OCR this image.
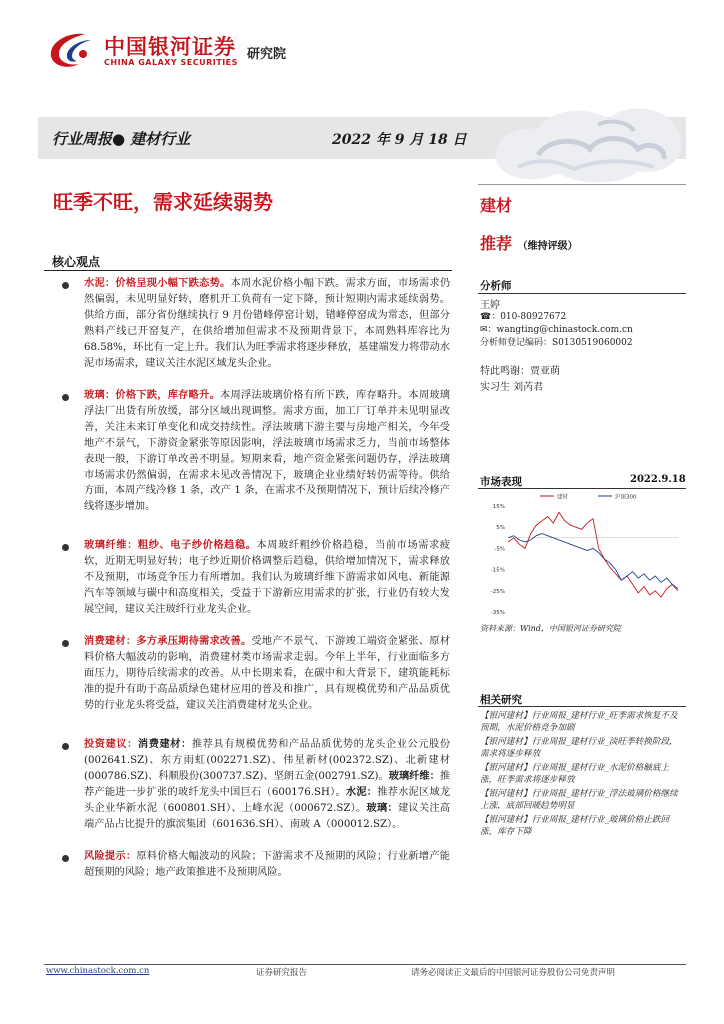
中国银河证券
CHINA GALAXY SECURITIES
研究院
行业周报● 建材行业	2022 年 9 月 18 日
旺季不旺，需求延续弱势	建材
推荐 （维持评级）
核心观点
水泥：价格呈现小幅下跌态势。本周水泥价格小幅下跌。需求方面，市场需求仍然偏弱，未见明显好转，磨机开工负荷有一定下降，预计短期内需求延续弱势。供给方面，部分省份继续执行 9 月份错峰停窑计划，错峰停窑成为常态，但部分熟料产线已开窑复产，在供给增加但需求不及预期背景下，本周熟料库容比为 68.58%，环比有一定上升。我们认为旺季需求将逐步释放，基建端发力将带动水泥市场需求，建议关注水泥区域龙头企业。
玻璃：价格下跌，库存略升。本周浮法玻璃价格有所下跌，库存略升。本周玻璃浮法厂出货有所放缓，部分区域出现调整。需求方面，加工厂订单并未见明显改善，关注未来订单变化和成交持续性。浮法玻璃下游主要与房地产相关，今年受地产不景气，下游资金紧张等原因影响，浮法玻璃市场需求乏力，当前市场整体表现一般，下游订单改善不明显。短期来看，地产资金紧张问题仍存，浮法玻璃市场需求仍然偏弱，在需求未见改善情况下，玻璃企业业绩好转仍需等待。供给方面，本周产线冷修 1 条，改产 1 条，在需求不及预期情况下，预计后续冷修产线将逐步增加。
玻璃纤维：粗纱、电子纱价格趋稳。本周玻纤粗纱价格趋稳，当前市场需求疲软，近期无明显好转；电子纱近期价格调整后趋稳，供给增加情况下，需求释放不及预期，市场竞争压力有所增加。我们认为玻璃纤维下游需求如风电、新能源汽车等领域与碳中和高度相关，受益于下游新应用需求的扩张，行业仍有较大发展空间，建议关注玻纤行业龙头企业。
消费建材：多方承压期待需求改善。受地产不景气、下游竣工端资金紧张、原材料价格大幅波动的影响，消费建材类市场需求走弱。今年上半年，行业面临多方面压力，期待后续需求的改善。从中长期来看，在碳中和大背景下，建筑能耗标准的提升有助于高品质绿色建材应用的普及和推广，具有规模优势和产品品质优势的行业龙头将受益，建议关注消费建材龙头企业。
投资建议：消费建材：推荐具有规模优势和产品品质优势的龙头企业公元股份(002641.SZ)、东方雨虹(002271.SZ)、伟星新材(002372.SZ)、北新建材(000786.SZ)、科顺股份(300737.SZ)、坚朗五金(002791.SZ)。玻璃纤维：推荐产能进一步扩张的玻纤龙头中国巨石（600176.SH）。水泥：推荐水泥区域龙头企业华新水泥（600801.SH）、上峰水泥（000672.SZ）。玻璃：建议关注高端产品占比提升的旗滨集团（601636.SH）、南玻 A（000012.SZ）。
风险提示：原料价格大幅波动的风险；下游需求不及预期的风险；行业新增产能超预期的风险；地产政策推进不及预期风险。
分析师
王婷
☎：010-80927672
✉：wangting@chinastock.com.cn
分析师登记编码：S0130519060002
特此鸣谢：贾亚萌
实习生 刘芮君
市场表现	2022.9.18
建材	沪深300
15%
5%
-5%
-15%
-25%
-35%
资料来源：Wind，中国银河证券研究院
相关研究
【银河建材】行业周报_建材行业_旺季需求恢复不及预期，水泥价格竞争加剧
【银河建材】行业周报_建材行业_淡旺季转换阶段，需求将逐步释放
【银河建材】行业周报_建材行业_水泥价格触底上涨，旺季需求将逐步释放
【银河建材】行业周报_建材行业_浮法玻璃价格继续上涨，底部回暖趋势明显
【银河建材】行业周报_建材行业_玻璃价格止跌回涨，库存下降
www.chinastock.com.cn	证券研究报告	请务必阅读正文最后的中国银河证券股份公司免责声明
